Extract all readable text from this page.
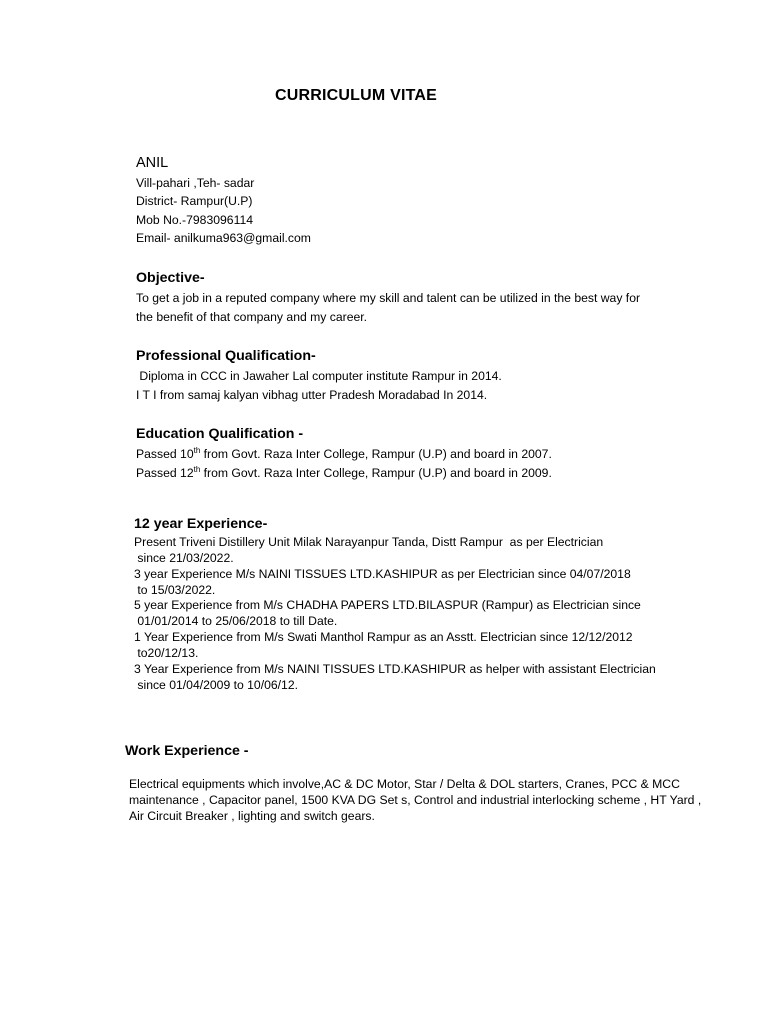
CURRICULUM VITAE
ANIL
Vill-pahari ,Teh- sadar
District- Rampur(U.P)
Mob No.-7983096114
Email- anilkuma963@gmail.com
Objective-
To get a job in a reputed company where my skill and talent can be utilized in the best way for
the benefit of that company and my career.
Professional Qualification-
Diploma in CCC in Jawaher Lal computer institute Rampur in 2014.
I T I from samaj kalyan vibhag utter Pradesh Moradabad In 2014.
Education Qualification -
Passed 10th from Govt. Raza Inter College, Rampur (U.P) and board in 2007.
Passed 12th from Govt. Raza Inter College, Rampur (U.P) and board in 2009.
12 year Experience-
Present Triveni Distillery Unit Milak Narayanpur Tanda, Distt Rampur  as per Electrician
since 21/03/2022.
3 year Experience M/s NAINI TISSUES LTD.KASHIPUR as per Electrician since 04/07/2018
to 15/03/2022.
5 year Experience from M/s CHADHA PAPERS LTD.BILASPUR (Rampur) as Electrician since
01/01/2014 to 25/06/2018 to till Date.
1 Year Experience from M/s Swati Manthol Rampur as an Asstt. Electrician since 12/12/2012
to20/12/13.
3 Year Experience from M/s NAINI TISSUES LTD.KASHIPUR as helper with assistant Electrician
since 01/04/2009 to 10/06/12.
Work Experience -
Electrical equipments which involve,AC & DC Motor, Star / Delta & DOL starters, Cranes, PCC & MCC
maintenance , Capacitor panel, 1500 KVA DG Set s, Control and industrial interlocking scheme , HT Yard ,
Air Circuit Breaker , lighting and switch gears.
